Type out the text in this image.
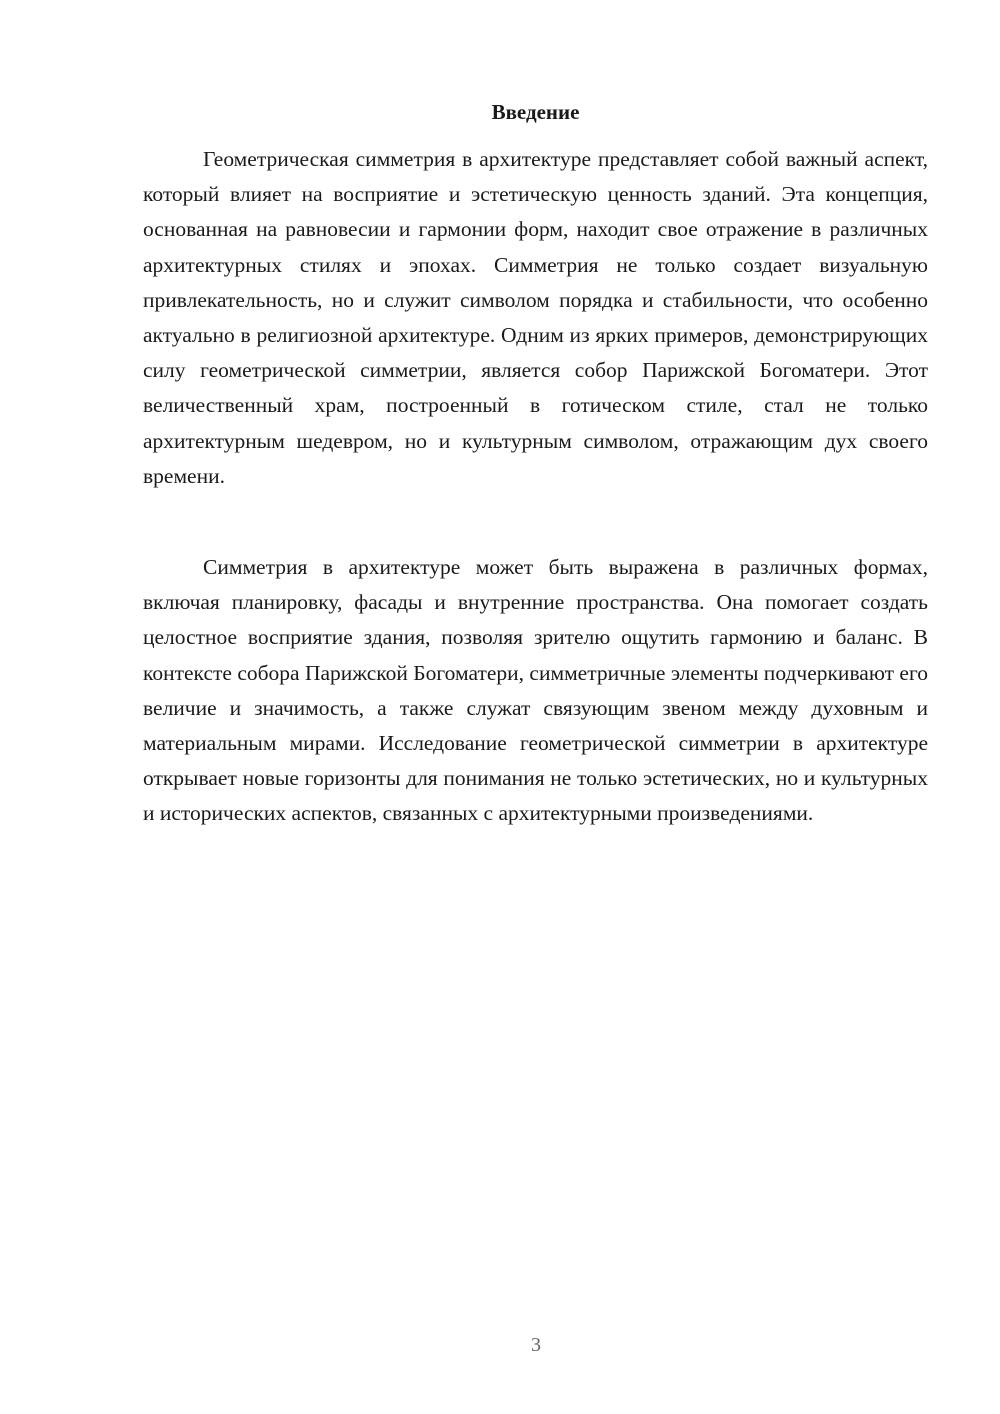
Введение

Геометрическая симметрия в архитектуре представляет собой важный аспект, который влияет на восприятие и эстетическую ценность зданий. Эта концепция, основанная на равновесии и гармонии форм, находит свое отражение в различных архитектурных стилях и эпохах. Симметрия не только создает визуальную привлекательность, но и служит символом порядка и стабильности, что особенно актуально в религиозной архитектуре. Одним из ярких примеров, демонстрирующих силу геометрической симметрии, является собор Парижской Богоматери. Этот величественный храм, построенный в готическом стиле, стал не только архитектурным шедевром, но и культурным символом, отражающим дух своего времени.

Симметрия в архитектуре может быть выражена в различных формах, включая планировку, фасады и внутренние пространства. Она помогает создать целостное восприятие здания, позволяя зрителю ощутить гармонию и баланс. В контексте собора Парижской Богоматери, симметричные элементы подчеркивают его величие и значимость, а также служат связующим звеном между духовным и материальным мирами. Исследование геометрической симметрии в архитектуре открывает новые горизонты для понимания не только эстетических, но и культурных и исторических аспектов, связанных с архитектурными произведениями.

3
